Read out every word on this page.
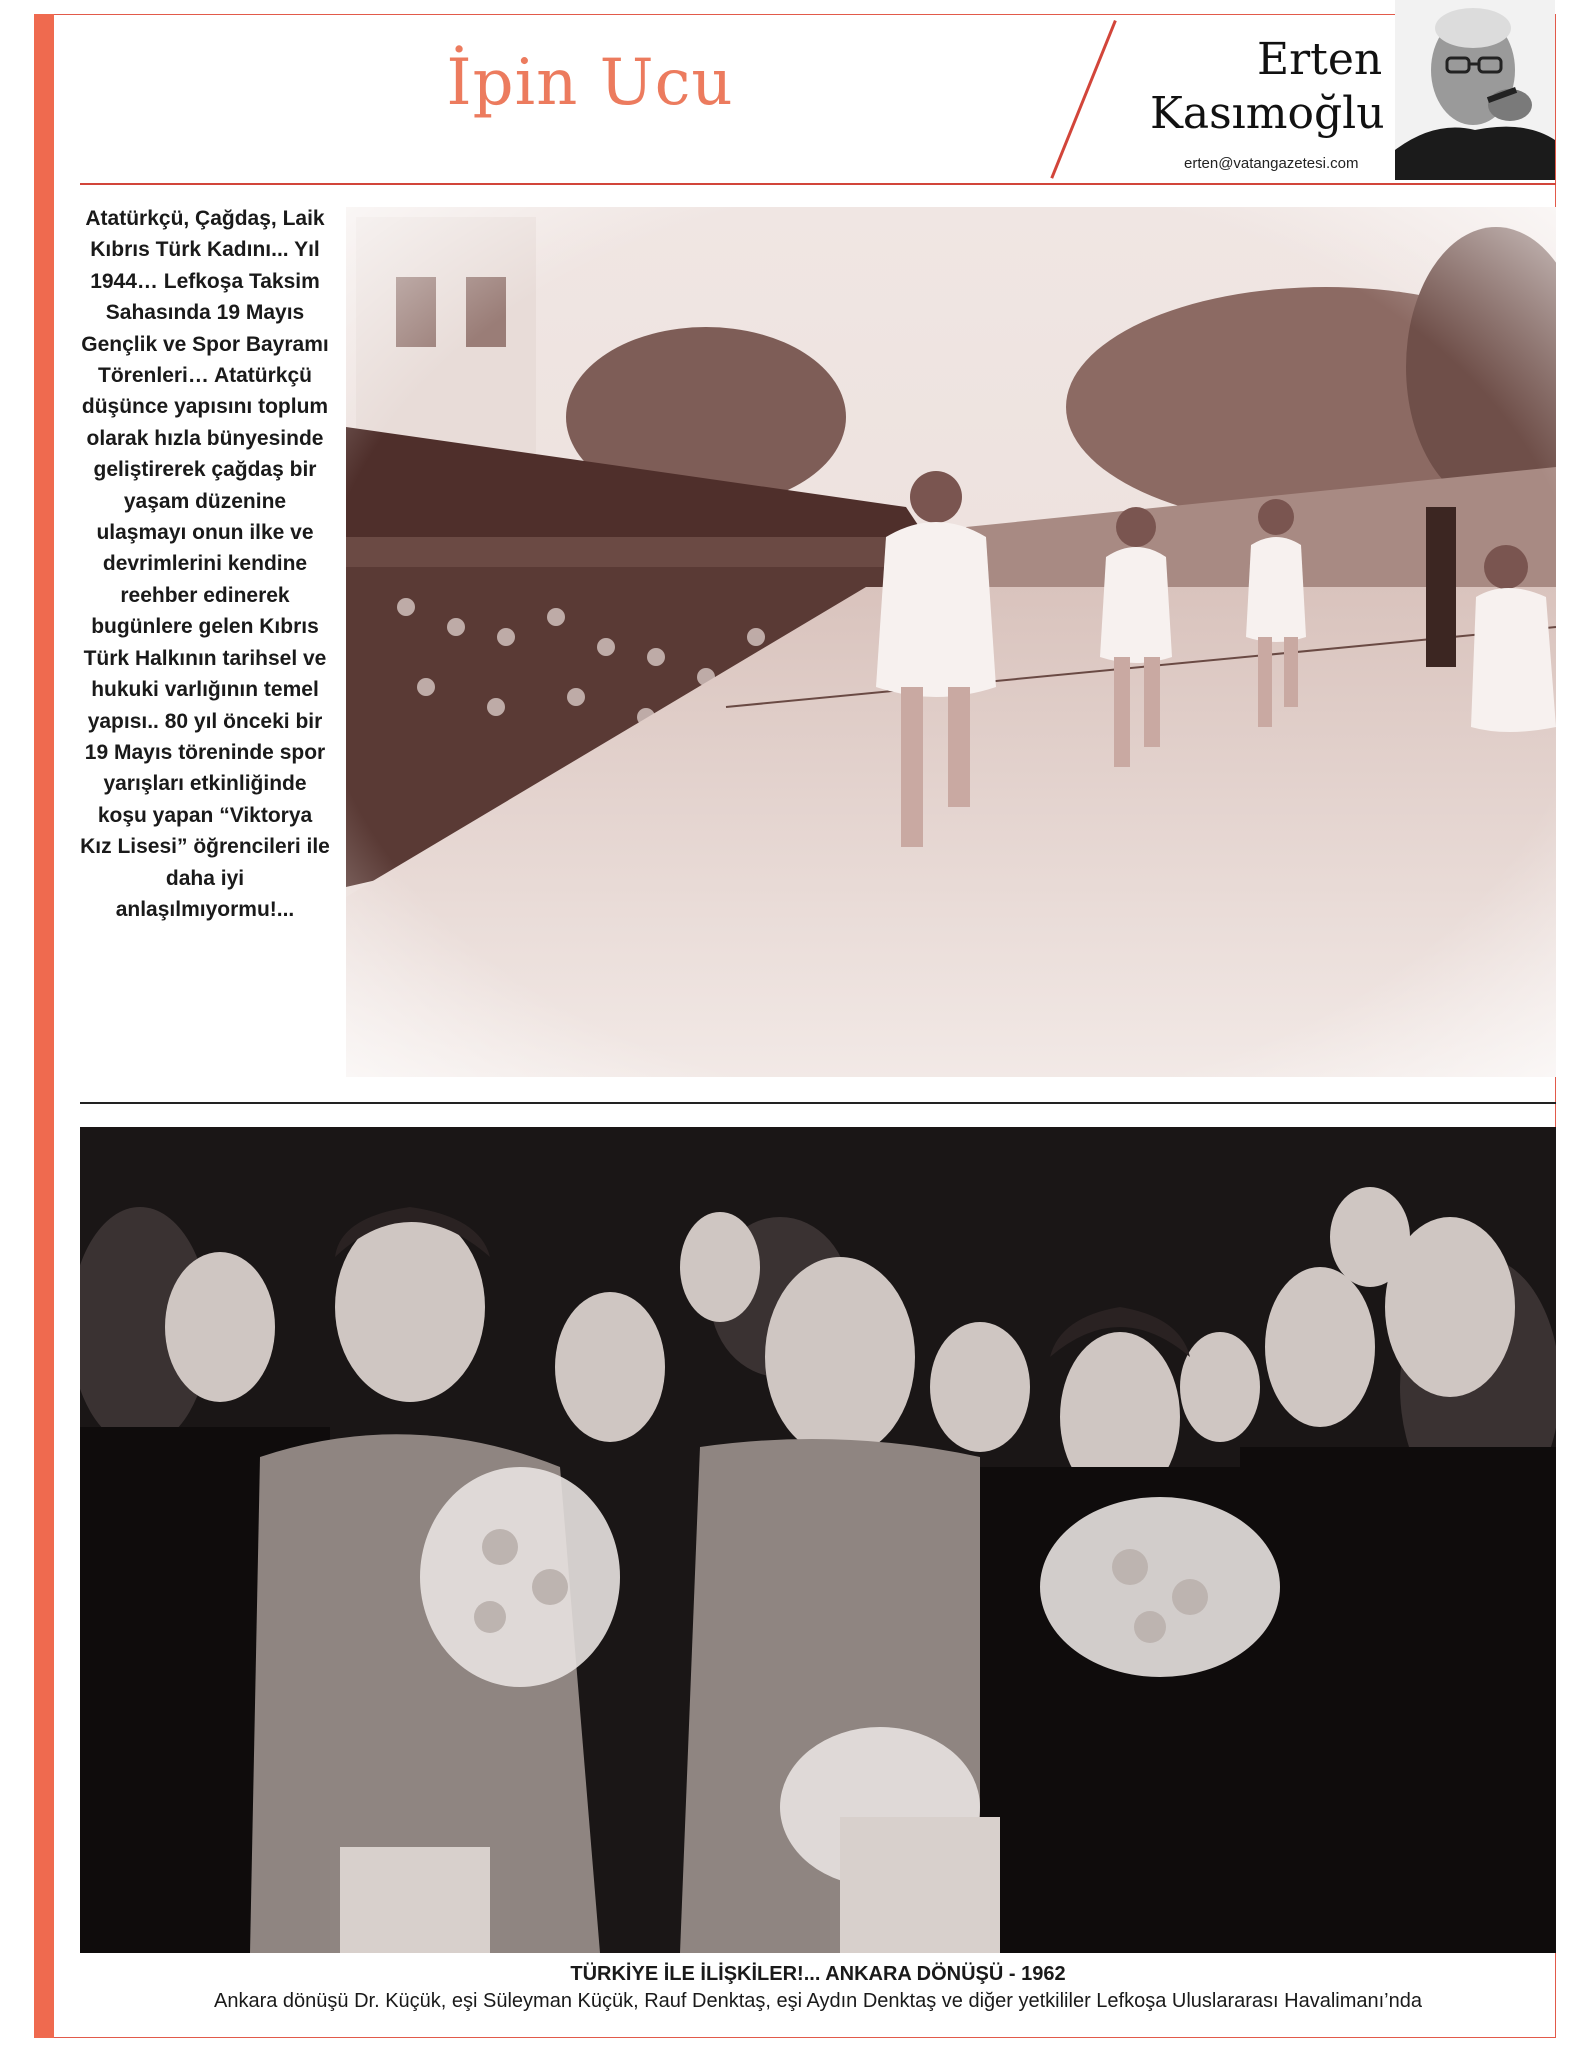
İpin Ucu	Erten
Kasımoğlu
erten@vatangazetesi.com
Atatürkçü, Çağdaş, Laik Kıbrıs Türk Kadını... Yıl 1944… Lefkoşa Taksim Sahasında 19 Mayıs Gençlik ve Spor Bayramı Törenleri… Atatürkçü düşünce yapısını toplum olarak hızla bünyesinde geliştirerek çağdaş bir yaşam düzenine ulaşmayı onun ilke ve devrimlerini kendine reehber edinerek bugünlere gelen Kıbrıs Türk Halkının tarihsel ve hukuki varlığının temel yapısı.. 80 yıl önceki bir 19 Mayıs töreninde spor yarışları etkinliğinde koşu yapan “Viktorya Kız Lisesi” öğrencileri ile daha iyi anlaşılmıyormu!...
TÜRKİYE İLE İLİŞKİLER!... ANKARA DÖNÜŞÜ - 1962
Ankara dönüşü Dr. Küçük, eşi Süleyman Küçük, Rauf Denktaş, eşi Aydın Denktaş ve diğer yetkililer Lefkoşa Uluslararası Havalimanı’nda
